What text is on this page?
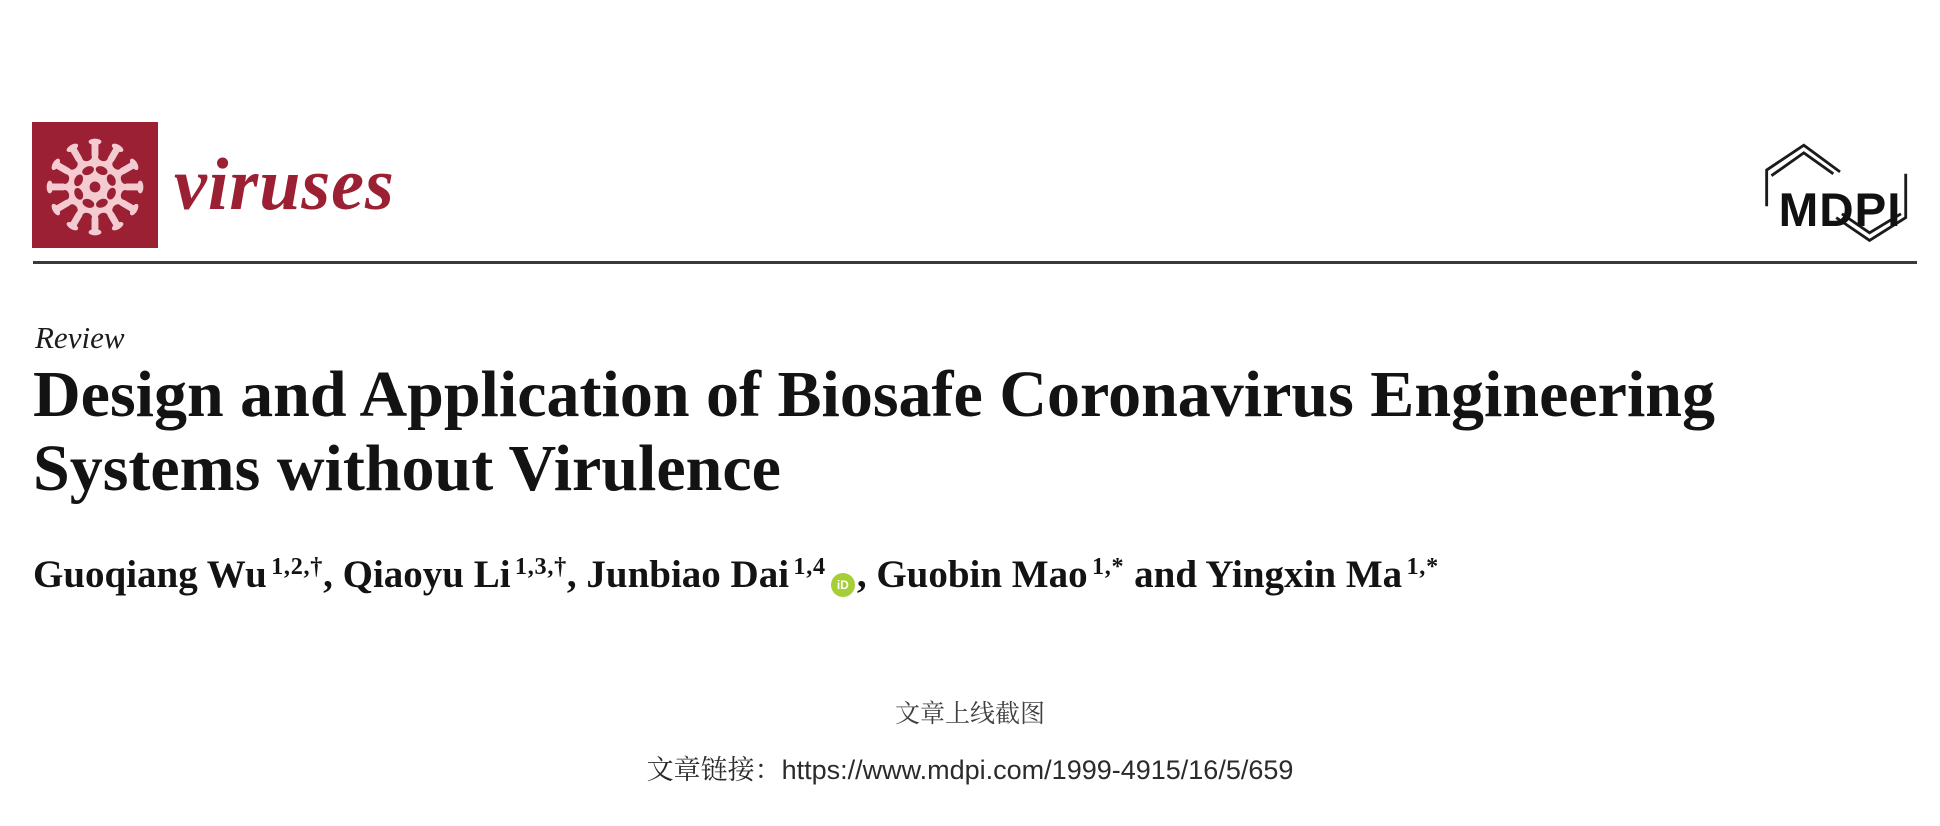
viruses	MDPI
Review
Design and Application of Biosafe Coronavirus Engineering Systems without Virulence
Guoqiang Wu $^{1,2,\dagger}$, Qiaoyu Li $^{1,3,\dagger}$, Junbiao Dai $^{1,4}$iD , Guobin Mao $^{1,*}$ and Yingxin Ma $^{1,*}$
文章上线截图
文章链接：https://www.mdpi.com/1999-4915/16/5/659
